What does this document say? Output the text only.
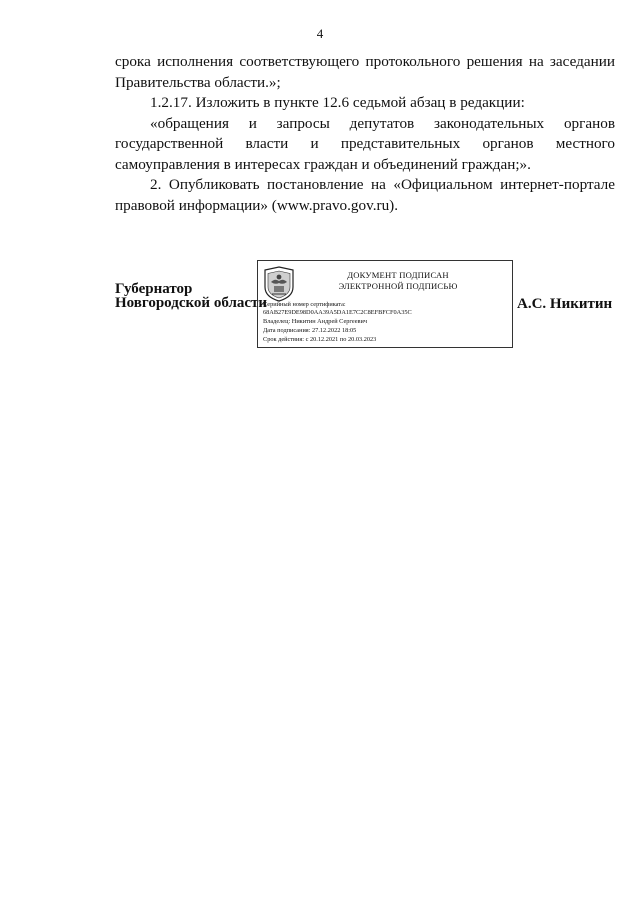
4

срока исполнения соответствующего протокольного решения на заседании Правительства области.»;

1.2.17. Изложить в пункте 12.6 седьмой абзац в редакции:

«обращения и запросы депутатов законодательных органов государственной власти и представительных органов местного самоуправления в интересах граждан и объединений граждан;».

2. Опубликовать постановление на «Официальном интернет-портале правовой информации» (www.pravo.gov.ru).

Губернатор
Новгородской области
ДОКУМЕНТ ПОДПИСАН
ЭЛЕКТРОННОЙ ПОДПИСЬЮ
Серийный номер сертификата:
68AB27E9DE98D0AA39A5DA1E7C2C8EFBFCF0A35C
Владелец: Никитин Андрей Сергеевич
Дата подписания: 27.12.2022 18:05
Срок действия: с 20.12.2021 по 20.03.2023
А.С. Никитин
